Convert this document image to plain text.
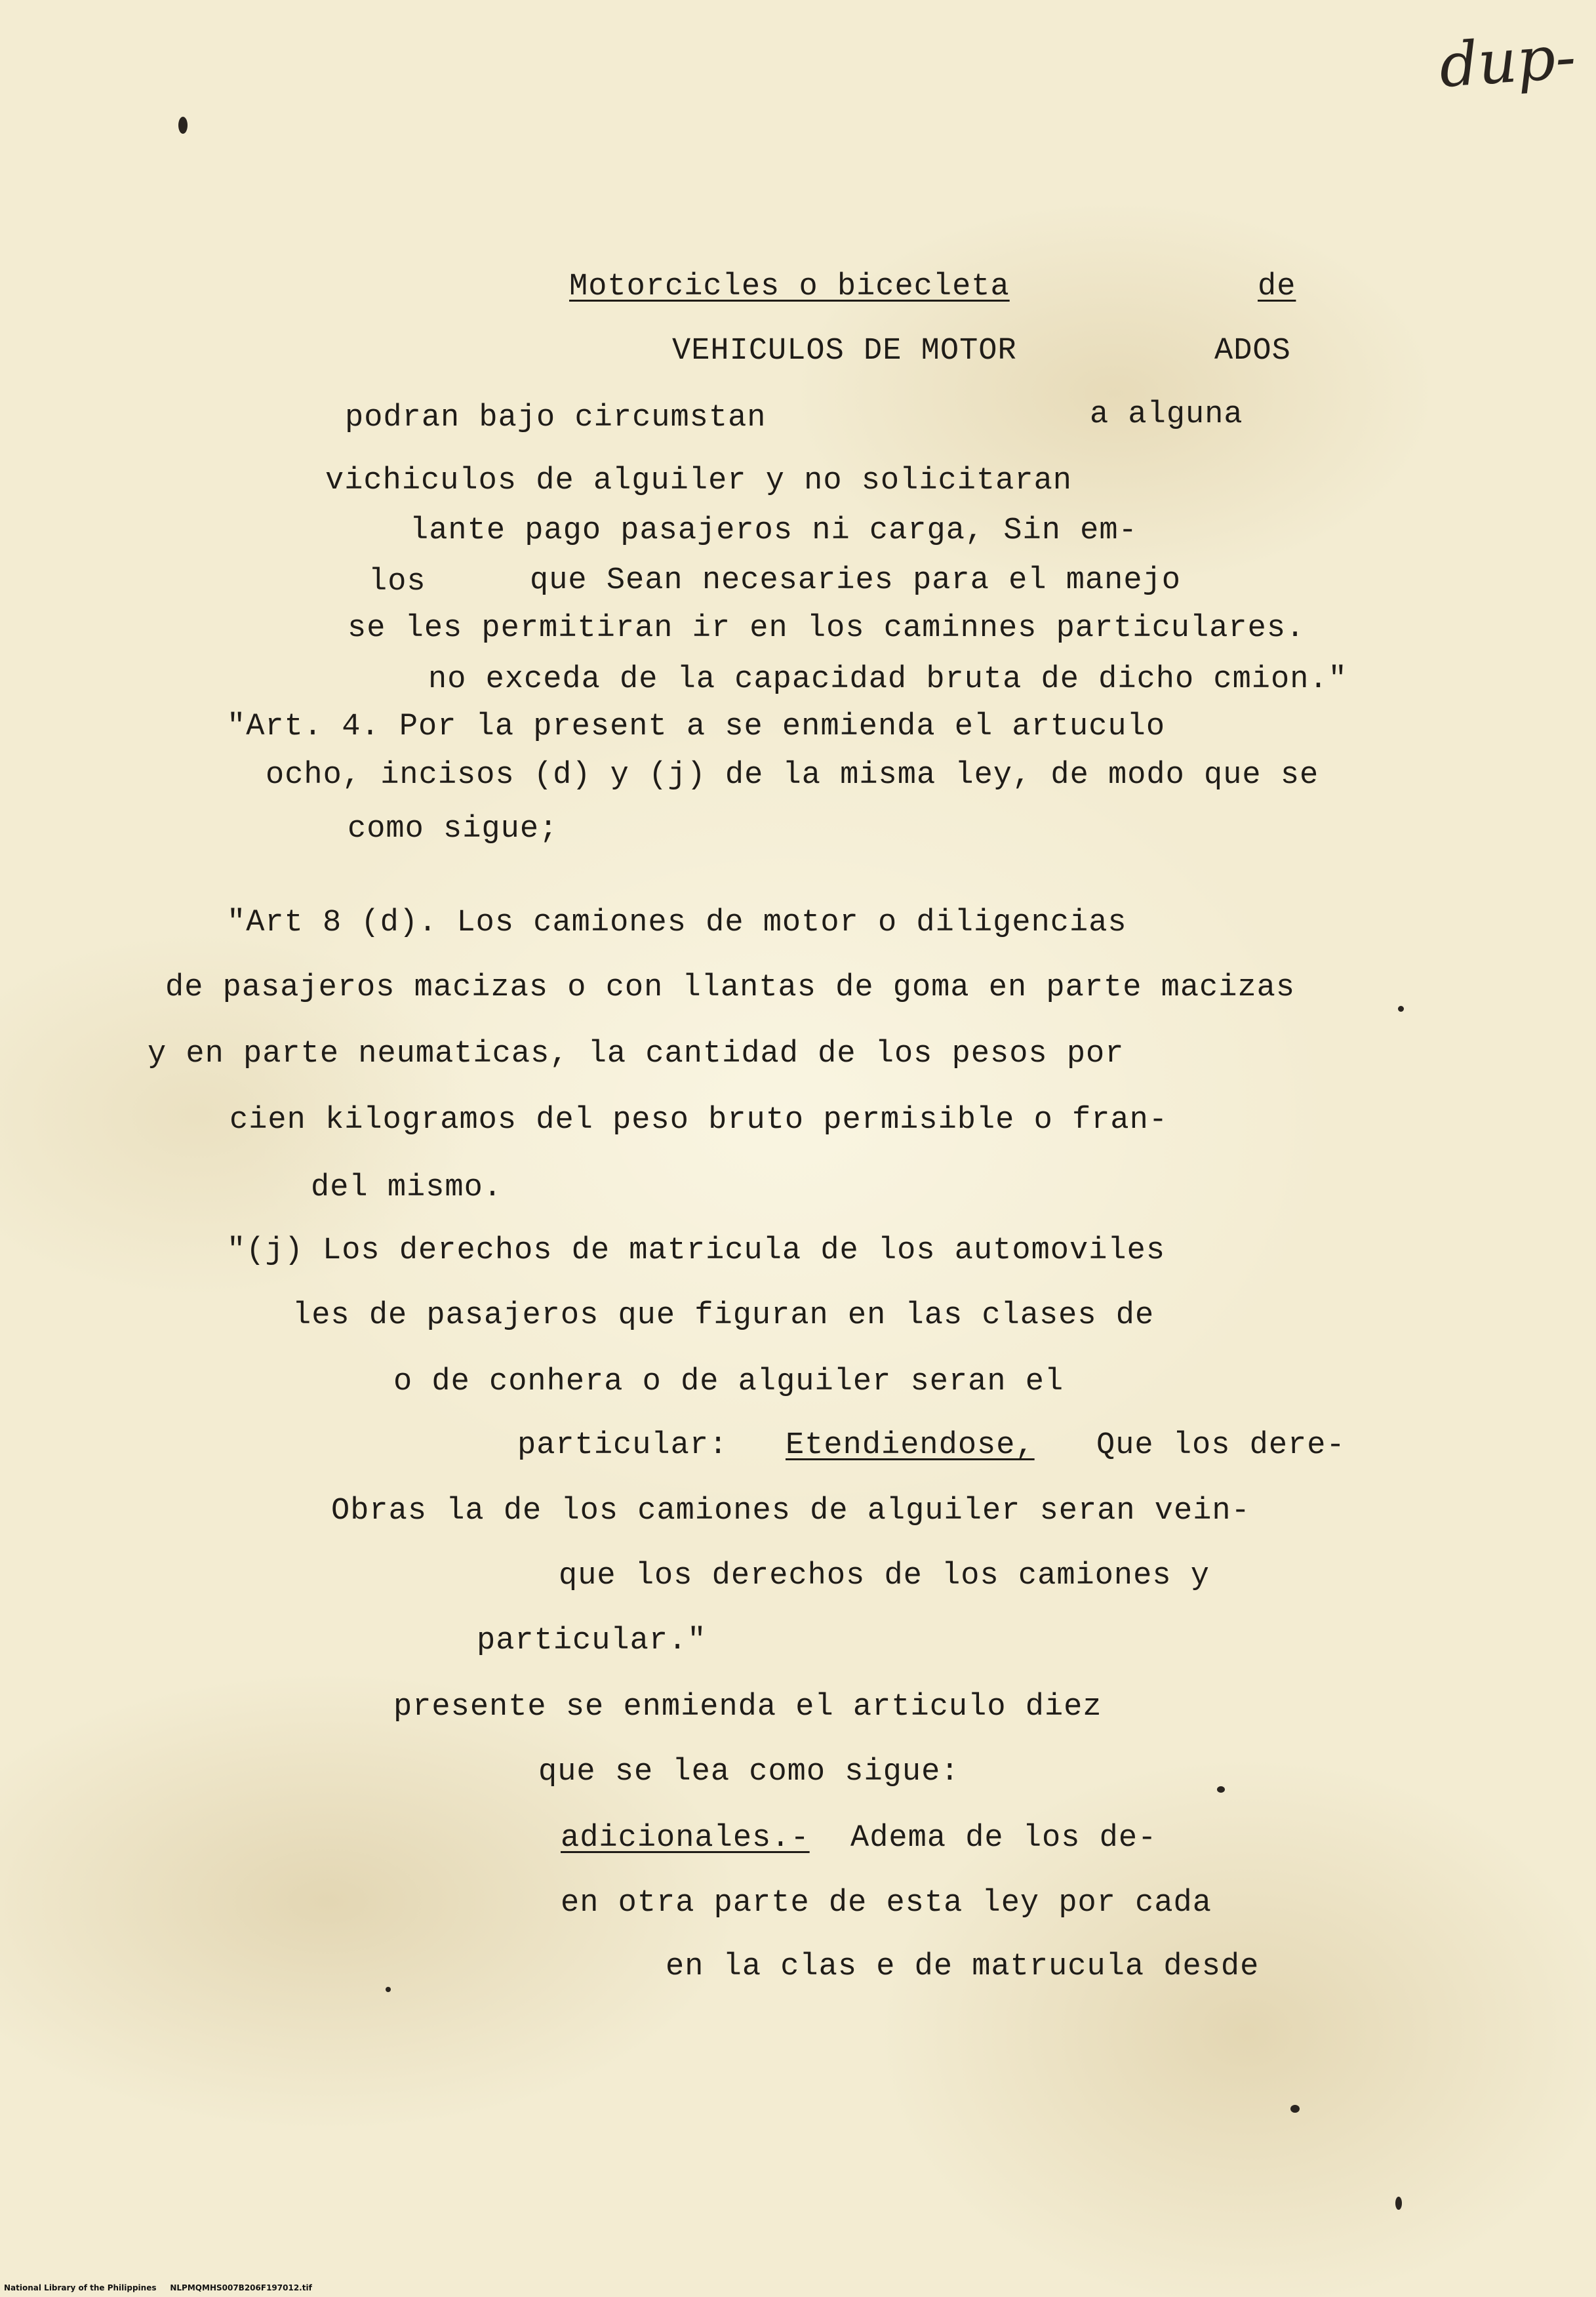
dup-
Motorcicles o bicecleta	de
VEHICULOS DE MOTOR	ADOS
podran bajo circumstan	a alguna
vichiculos de alguiler y no solicitaran
lante pago pasajeros ni carga, Sin em-
los	que Sean necesaries para el manejo
se les permitiran ir en los caminnes particulares.
no exceda de la capacidad bruta de dicho cmion."
"Art. 4. Por la present a se enmienda el artuculo
ocho, incisos (d) y (j) de la misma ley, de modo que se
como sigue;
"Art 8 (d). Los camiones de motor o diligencias
de pasajeros macizas o con llantas de goma en parte macizas
y en parte neumaticas, la cantidad de los pesos por
cien kilogramos del peso bruto permisible o fran-
del mismo.
"(j) Los derechos de matricula de los automoviles
les de pasajeros que figuran en las clases de
o de conhera o de alguiler seran el
particular: Etendiendose, Que los dere-
Obras la de los camiones de alguiler seran vein-
que los derechos de los camiones y
particular."
presente se enmienda el articulo diez
que se lea como sigue:
adicionales.- Adema de los de-
en otra parte de esta ley por cada
en la clas e de matrucula desde
National Library of the Philippines     NLPMQMHS007B206F197012.tif
